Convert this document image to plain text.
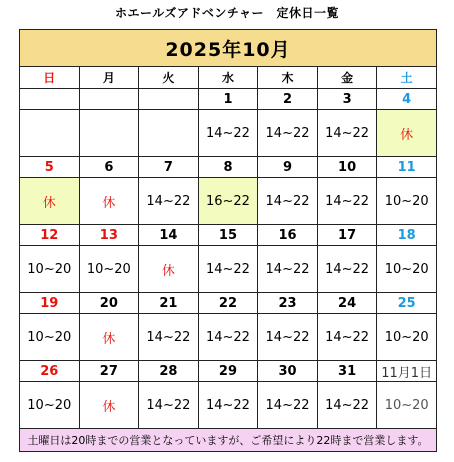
ホエールズアドベンチャー　定休日一覧
2025年10月						
日	月	火	水	木	金	土
			1	2	3	4
			14~22	14~22	14~22	休
5	6	7	8	9	10	11
休	休	14~22	16~22	14~22	14~22	10~20
12	13	14	15	16	17	18
10~20	10~20	休	14~22	14~22	14~22	10~20
19	20	21	22	23	24	25
10~20	休	14~22	14~22	14~22	14~22	10~20
26	27	28	29	30	31	11月1日
10~20	休	14~22	14~22	14~22	14~22	10~20
土曜日は20時までの営業となっていますが、ご希望により22時まで営業します。						
